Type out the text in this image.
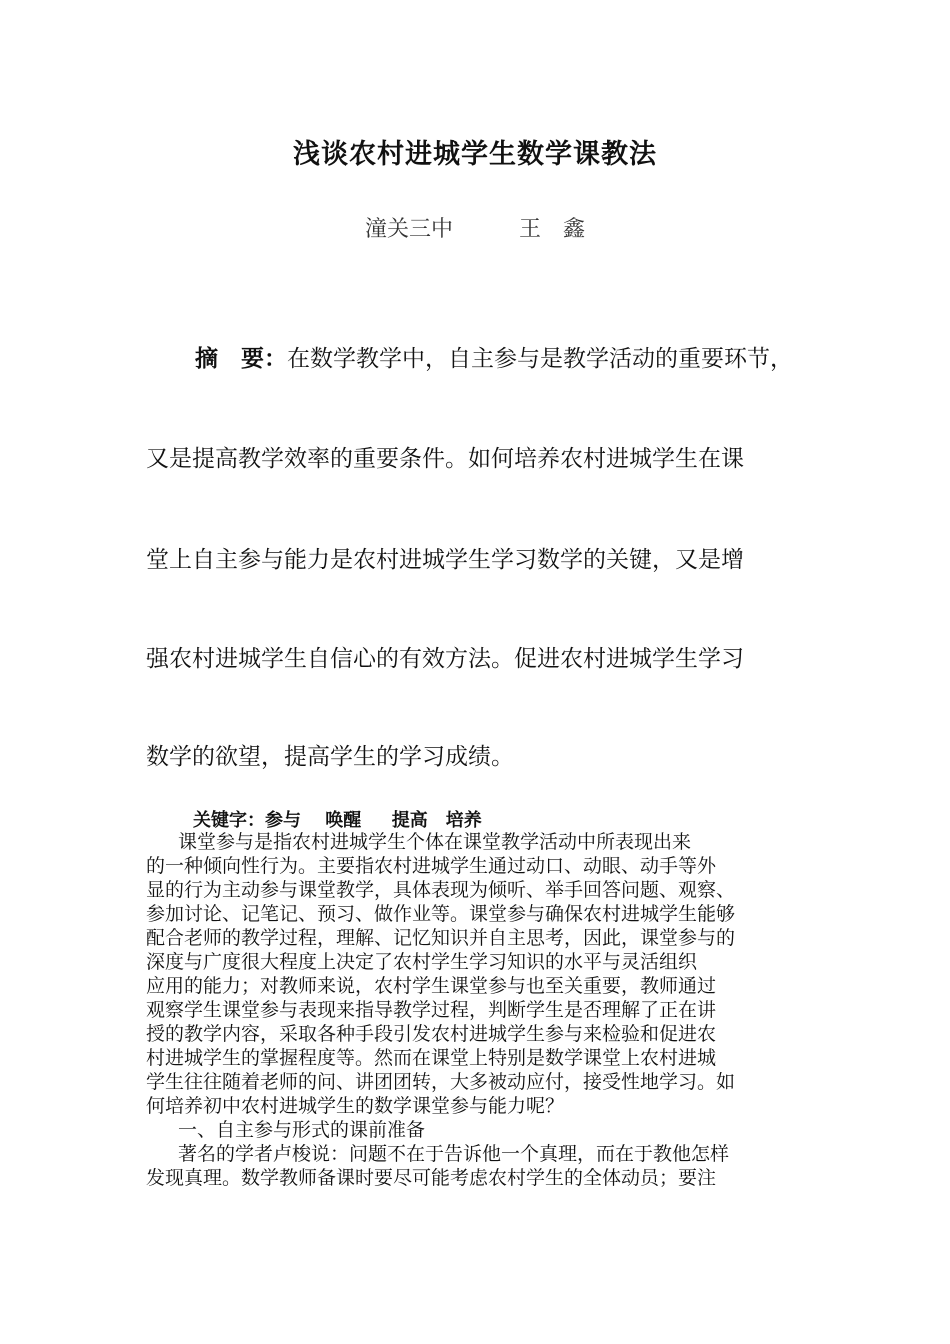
浅谈农村进城学生数学课教法
潼关三中　　　王　鑫

摘　要：在数学教学中，自主参与是教学活动的重要环节，

又是提高教学效率的重要条件。如何培养农村进城学生在课

堂上自主参与能力是农村进城学生学习数学的关键，又是增

强农村进城学生自信心的有效方法。促进农村进城学生学习

数学的欲望，提高学生的学习成绩。

关键字：参与　 唤醒　  提高　培养

课堂参与是指农村进城学生个体在课堂教学活动中所表现出来

的一种倾向性行为。主要指农村进城学生通过动口、动眼、动手等外

显的行为主动参与课堂教学，具体表现为倾听、举手回答问题、观察、

参加讨论、记笔记、预习、做作业等。课堂参与确保农村进城学生能够

配合老师的教学过程，理解、记忆知识并自主思考，因此，课堂参与的

深度与广度很大程度上决定了农村学生学习知识的水平与灵活组织

应用的能力；对教师来说，农村学生课堂参与也至关重要，教师通过

观察学生课堂参与表现来指导教学过程，判断学生是否理解了正在讲

授的教学内容，采取各种手段引发农村进城学生参与来检验和促进农

村进城学生的掌握程度等。然而在课堂上特别是数学课堂上农村进城

学生往往随着老师的问、讲团团转，大多被动应付，接受性地学习。如

何培养初中农村进城学生的数学课堂参与能力呢？

一、自主参与形式的课前准备

著名的学者卢梭说：问题不在于告诉他一个真理，而在于教他怎样

发现真理。数学教师备课时要尽可能考虑农村学生的全体动员；要注
